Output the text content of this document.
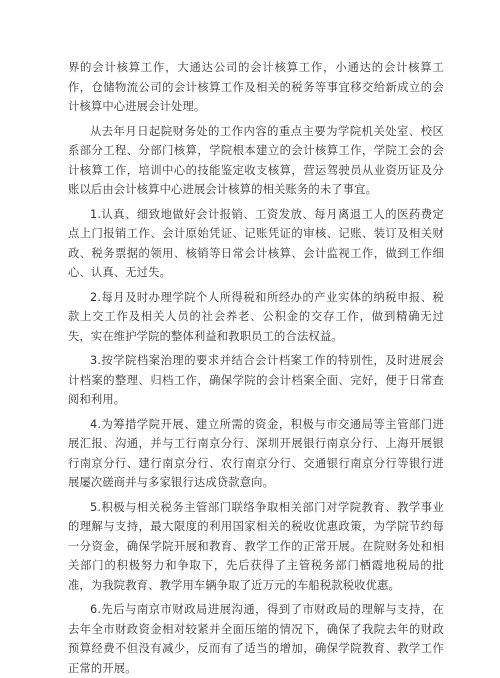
界的会计核算工作，大通达公司的会计核算工作，小通达的会计核算工作，仓储物流公司的会计核算工作及相关的税务等事宜移交给新成立的会计核算中心进展会计处理。

从去年月日起院财务处的工作内容的重点主要为学院机关处室、校区系部分工程、分部门核算，学院根本建立的会计核算工作，学院工会的会计核算工作，培训中心的技能鉴定收支核算，营运驾驶员从业资历证及分账以后由会计核算中心进展会计核算的相关账务的未了事宜。

1.认真、细致地做好会计报销、工资发放、每月离退工人的医药费定点上门报销工作、会计原始凭证、记账凭证的审核、记账、装订及相关财政、税务票据的领用、核销等日常会计核算、会计监视工作，做到工作细心、认真、无过失。

2.每月及时办理学院个人所得税和所经办的产业实体的纳税申报、税款上交工作及相关人员的社会养老、公积金的交存工作，做到精确无过失，实在维护学院的整体利益和教职员工的合法权益。

3.按学院档案治理的要求并结合会计档案工作的特别性，及时进展会计档案的整理、归档工作，确保学院的会计档案全面、完好，便于日常查阅和利用。

4.为筹措学院开展、建立所需的资金，积极与市交通局等主管部门进展汇报、沟通，并与工行南京分行、深圳开展银行南京分行、上海开展银行南京分行、建行南京分行、农行南京分行、交通银行南京分行等银行进展屡次磋商并与多家银行达成贷款意向。

5.积极与相关税务主管部门联络争取相关部门对学院教育、教学事业的理解与支持，最大限度的利用国家相关的税收优惠政策，为学院节约每一分资金，确保学院开展和教育、教学工作的正常开展。在院财务处和相关部门的积极努力和争取下，先后获得了主管税务部门栖霞地税局的批准，为我院教育、教学用车辆争取了近万元的车船税款税收优惠。

6.先后与南京市财政局进展沟通，得到了市财政局的理解与支持，在去年全市财政资金相对较紧并全面压缩的情况下，确保了我院去年的财政预算经费不但没有减少，反而有了适当的增加，确保学院教育、教学工作正常的开展。
